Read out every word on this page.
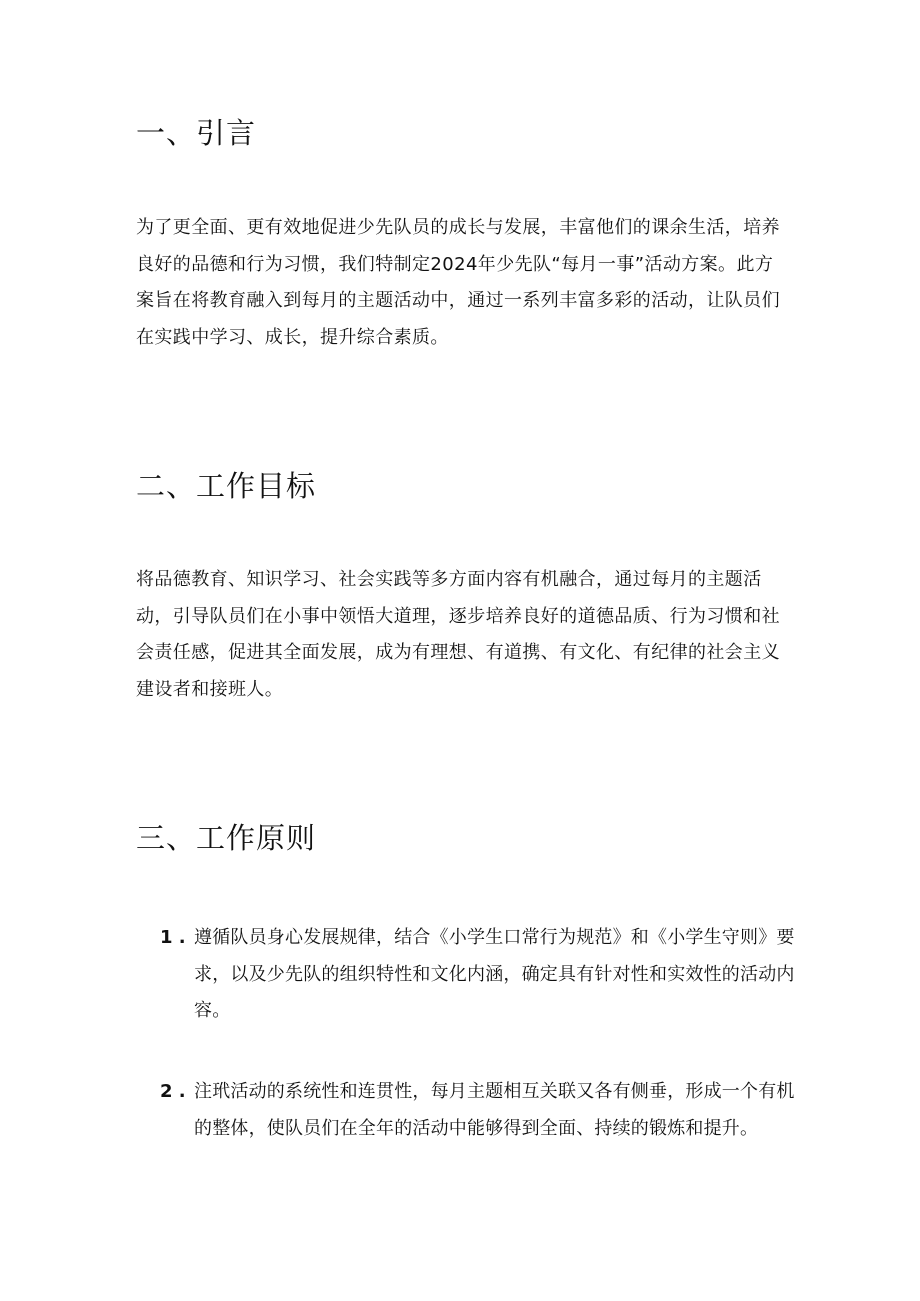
一、引言

为了更全面、更有效地促进少先队员的成长与发展，丰富他们的课余生活，培养良好的品德和行为习惯，我们特制定2024年少先队“每月一事”活动方案。此方案旨在将教育融入到每月的主题活动中，通过一系列丰富多彩的活动，让队员们在实践中学习、成长，提升综合素质。

二、工作目标

将品德教育、知识学习、社会实践等多方面内容有机融合，通过每月的主题活动，引导队员们在小事中领悟大道理，逐步培养良好的道德品质、行为习惯和社会责任感，促进其全面发展，成为有理想、有道携、有文化、有纪律的社会主义建设者和接班人。

三、工作原则
1 . 遵循队员身心发展规律，结合《小学生口常行为规范》和《小学生守则》要求，以及少先队的组织特性和文化内涵，确定具有针对性和实效性的活动内容。

2 . 注玳活动的系统性和连贯性，每月主题相互关联又各有侧垂，形成一个有机的整体，使队员们在全年的活动中能够得到全面、持续的锻炼和提升。
